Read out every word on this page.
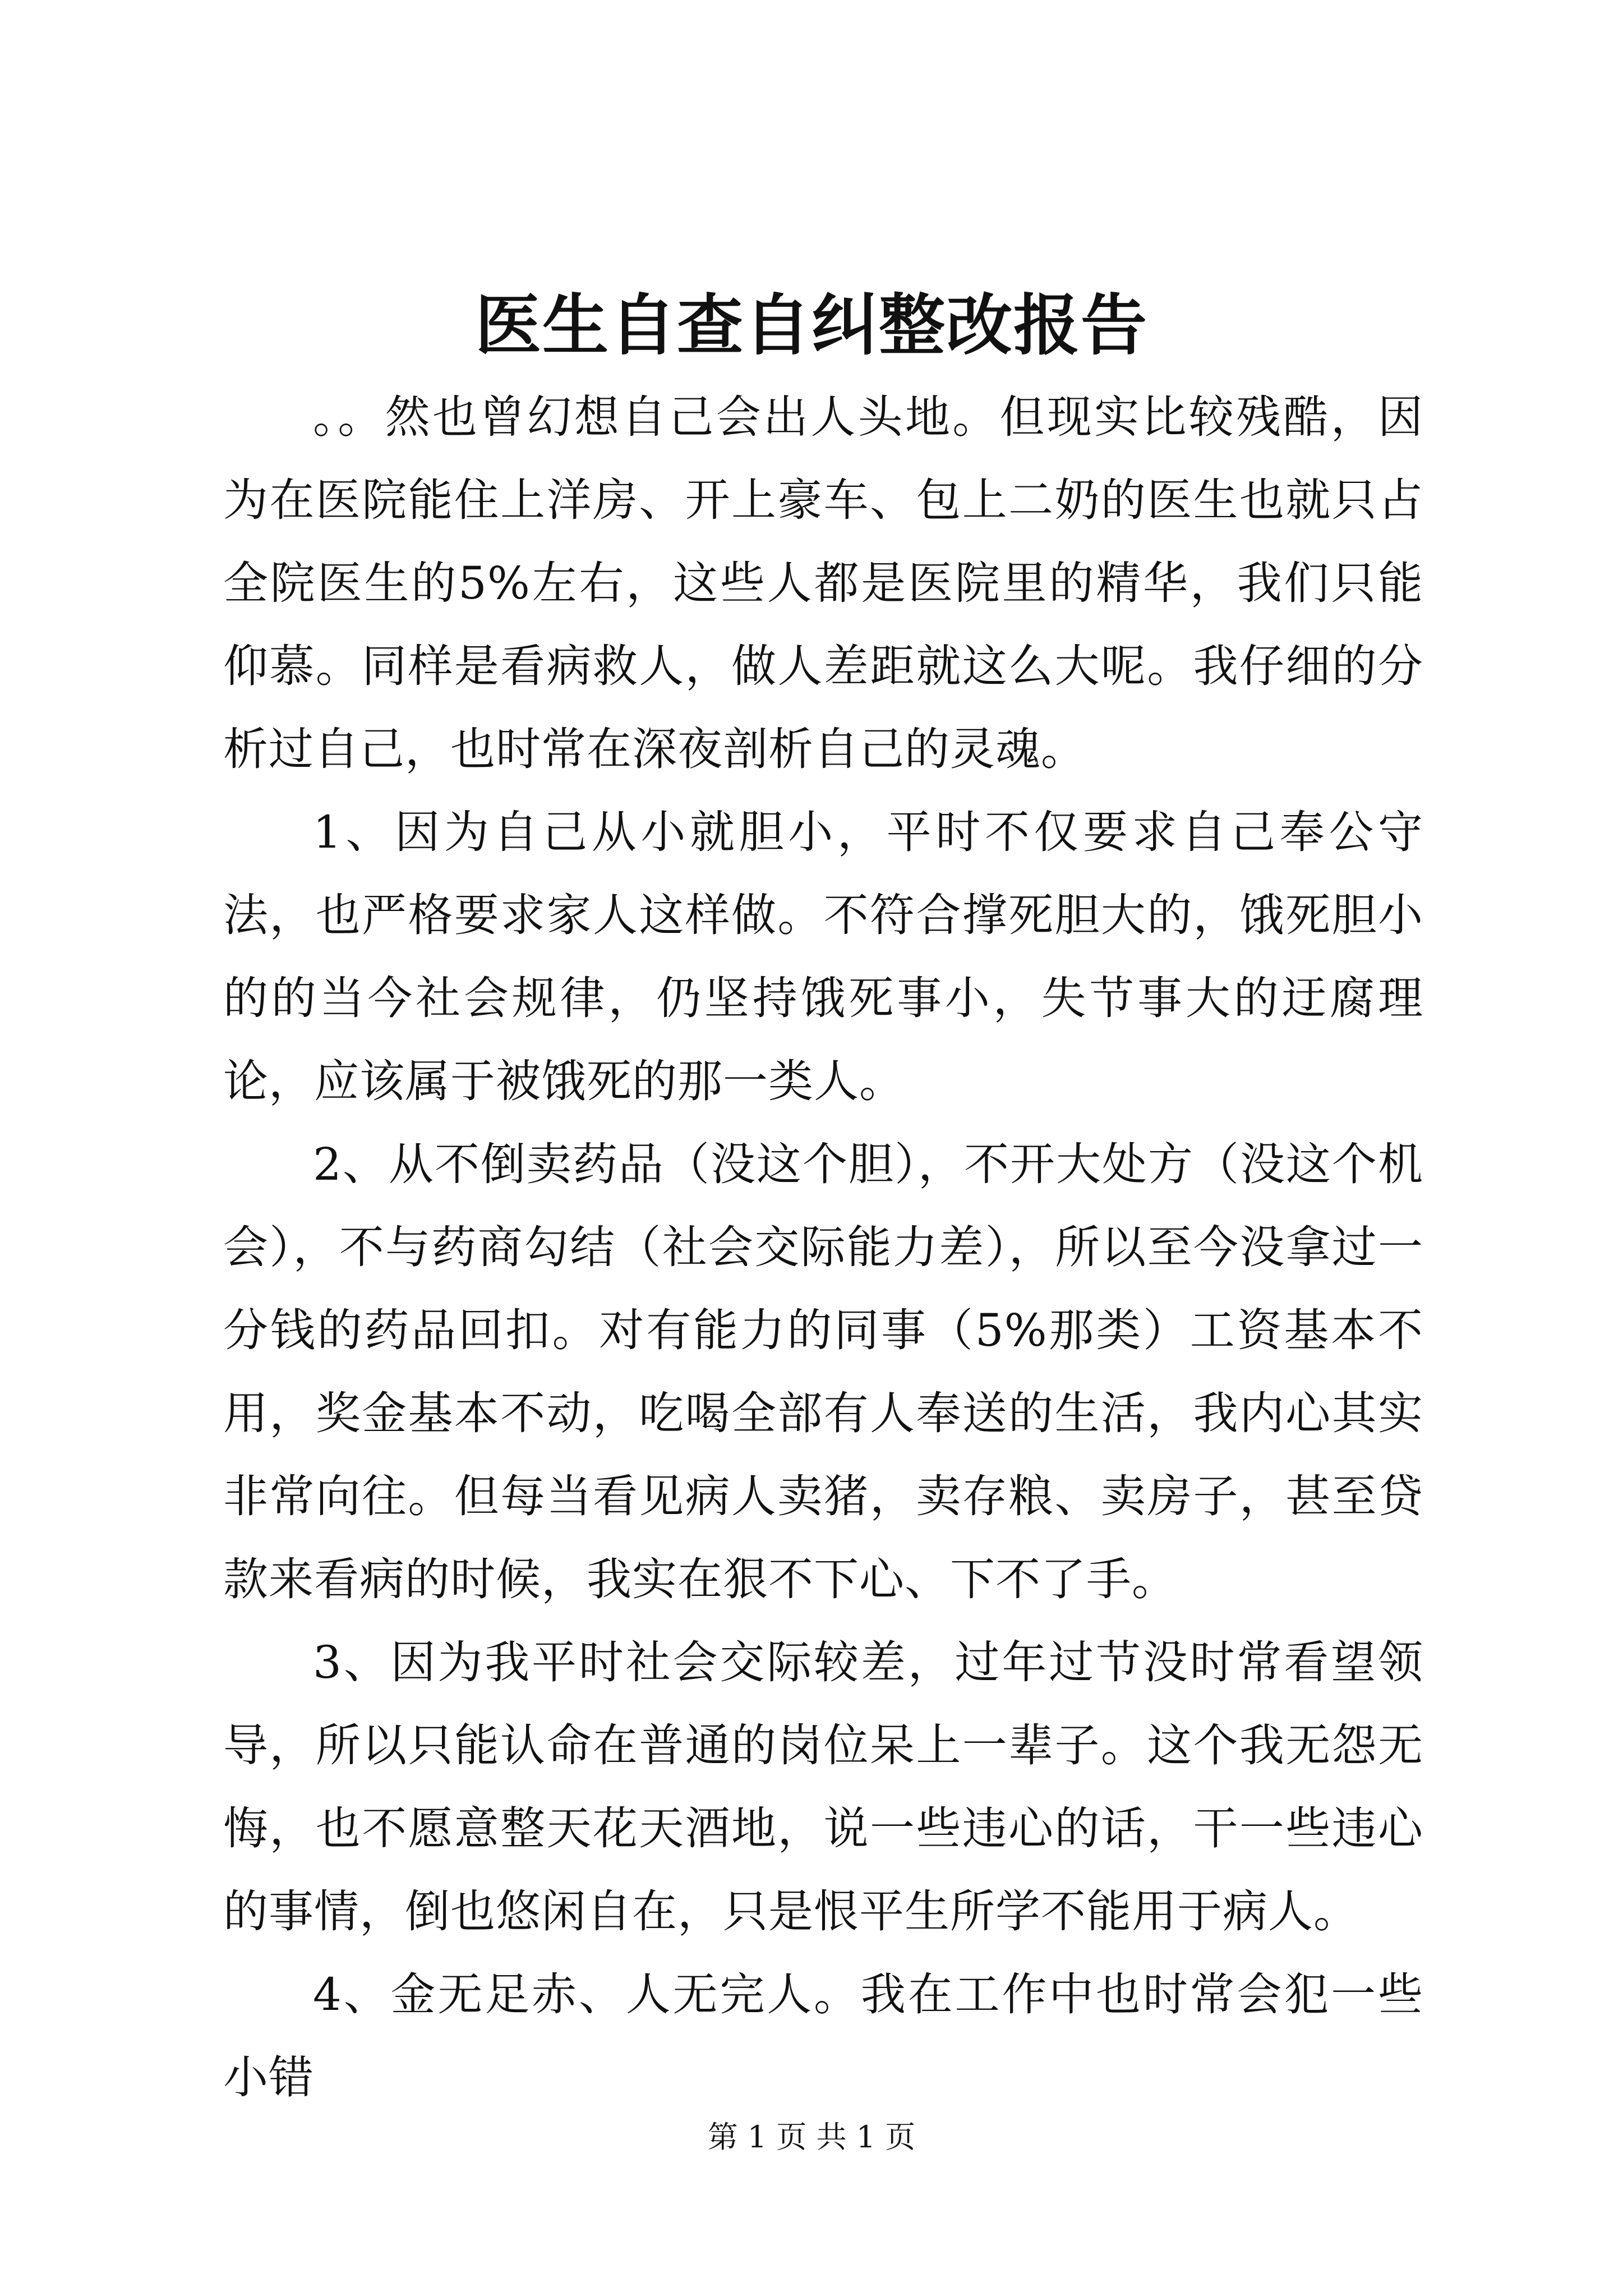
医生自查自纠整改报告

。。然也曾幻想自己会出人头地。但现实比较残酷，因为在医院能住上洋房、开上豪车、包上二奶的医生也就只占全院医生的5%左右，这些人都是医院里的精华，我们只能仰慕。同样是看病救人，做人差距就这么大呢。我仔细的分析过自己，也时常在深夜剖析自己的灵魂。

1、因为自己从小就胆小，平时不仅要求自己奉公守法，也严格要求家人这样做。不符合撑死胆大的，饿死胆小的的当今社会规律，仍坚持饿死事小，失节事大的迂腐理论，应该属于被饿死的那一类人。

2、从不倒卖药品（没这个胆），不开大处方（没这个机会），不与药商勾结（社会交际能力差），所以至今没拿过一分钱的药品回扣。对有能力的同事（5%那类）工资基本不用，奖金基本不动，吃喝全部有人奉送的生活，我内心其实非常向往。但每当看见病人卖猪，卖存粮、卖房子，甚至贷款来看病的时候，我实在狠不下心、下不了手。

3、因为我平时社会交际较差，过年过节没时常看望领导，所以只能认命在普通的岗位呆上一辈子。这个我无怨无悔，也不愿意整天花天酒地，说一些违心的话，干一些违心的事情，倒也悠闲自在，只是恨平生所学不能用于病人。

4、金无足赤、人无完人。我在工作中也时常会犯一些小错

第 1 页 共 1 页
